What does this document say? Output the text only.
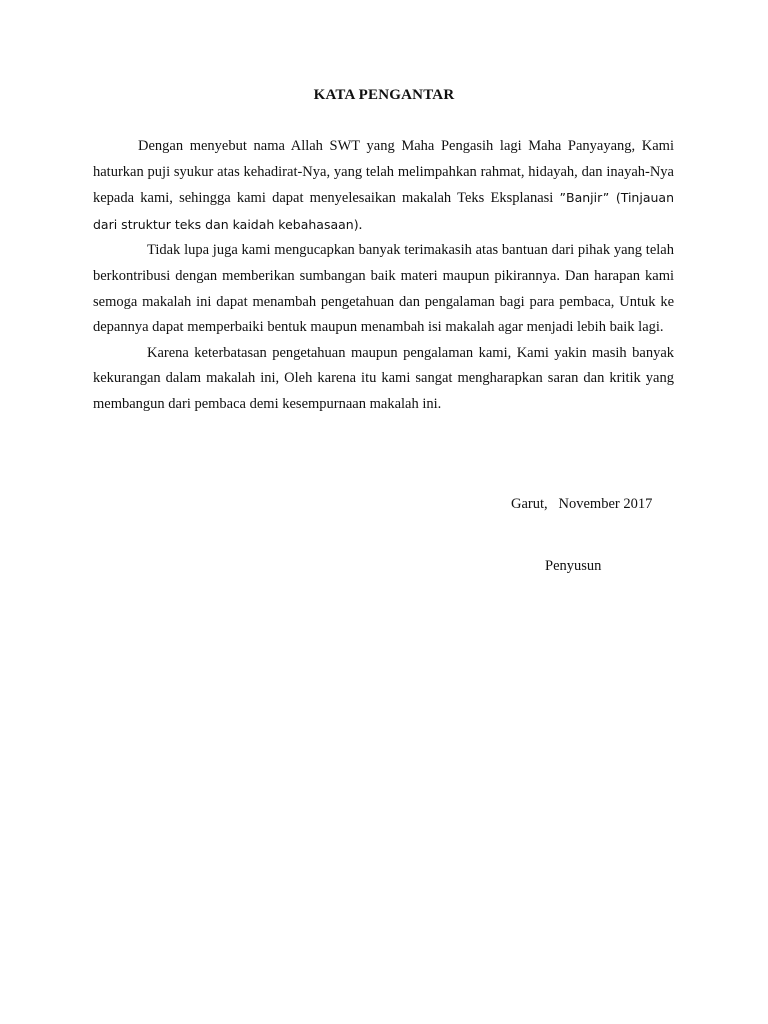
KATA PENGANTAR

Dengan menyebut nama Allah SWT yang Maha Pengasih lagi Maha Panyayang, Kami haturkan puji syukur atas kehadirat-Nya, yang telah melimpahkan rahmat, hidayah, dan inayah-Nya kepada kami, sehingga kami dapat menyelesaikan makalah Teks Eksplanasi ”Banjir” (Tinjauan dari struktur teks dan kaidah kebahasaan).

Tidak lupa juga kami mengucapkan banyak terimakasih atas bantuan dari pihak yang telah berkontribusi dengan memberikan sumbangan baik materi maupun pikirannya. Dan harapan kami semoga makalah ini dapat menambah pengetahuan dan pengalaman bagi para pembaca, Untuk ke depannya dapat memperbaiki bentuk maupun menambah isi makalah agar menjadi lebih baik lagi.

Karena keterbatasan pengetahuan maupun pengalaman kami, Kami yakin masih banyak kekurangan dalam makalah ini, Oleh karena itu kami sangat mengharapkan saran dan kritik yang membangun dari pembaca demi kesempurnaan makalah ini.

Garut,   November 2017
Penyusun
